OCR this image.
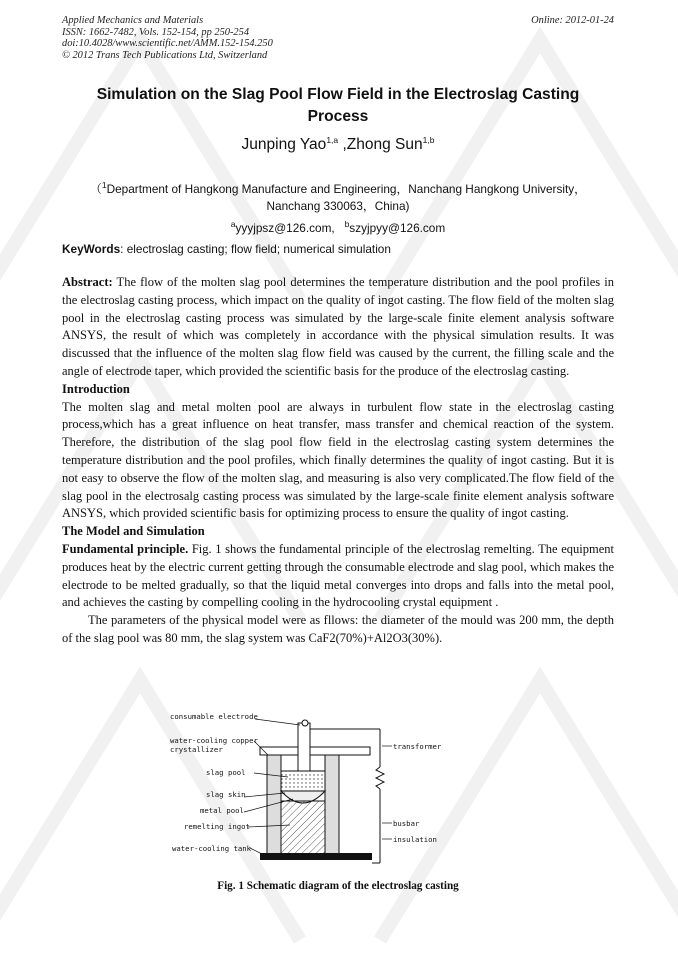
Applied Mechanics and Materials
ISSN: 1662-7482, Vols. 152-154, pp 250-254
doi:10.4028/www.scientific.net/AMM.152-154.250
© 2012 Trans Tech Publications Ltd, Switzerland
Online: 2012-01-24
Simulation on the Slag Pool Flow Field in the Electroslag Casting
Process
Junping Yao$^{1,a}$ ,Zhong Sun$^{1,b}$
（$^1$Department of Hangkong Manufacture and Engineering，Nanchang Hangkong University，
Nanchang 330063，China)
$^a$yyyjpsz@126.com, $^b$szyjpyy@126.com
KeyWords: electroslag casting; flow field; numerical simulation

Abstract: The flow of the molten slag pool determines the temperature distribution and the pool profiles in the electroslag casting process, which impact on the quality of ingot casting. The flow field of the molten slag pool in the electroslag casting process was simulated by the large-scale finite element analysis software ANSYS, the result of which was completely in accordance with the physical simulation results. It was discussed that the influence of the molten slag flow field was caused by the current, the filling scale and the angle of electrode taper, which provided the scientific basis for the produce of the electroslag casting.

Introduction

The molten slag and metal molten pool are always in turbulent flow state in the electroslag casting process,which has a great influence on heat transfer, mass transfer and chemical reaction of the system. Therefore, the distribution of the slag pool flow field in the electroslag casting system determines the temperature distribution and the pool profiles, which finally determines the quality of ingot casting. But it is not easy to observe the flow of the molten slag, and measuring is also very complicated.The flow field of the slag pool in the electrosalg casting process was simulated by the large-scale finite element analysis software ANSYS, which provided scientific basis for optimizing process to ensure the quality of ingot casting.

The Model and Simulation

Fundamental principle. Fig. 1 shows the fundamental principle of the electroslag remelting. The equipment produces heat by the electric current getting through the consumable electrode and slag pool, which makes the electrode to be melted gradually, so that the liquid metal converges into drops and falls into the metal pool, and achieves the casting by compelling cooling in the hydrocooling crystal equipment .

The parameters of the physical model were as fllows: the diameter of the mould was 200 mm, the depth of the slag pool was 80 mm, the slag system was CaF2(70%)+Al2O3(30%).

consumable electrode
water-cooling copper
crystallizer
slag pool
slag skin
metal pool
remelting ingot
water-cooling tank
transformer
busbar
insulation
Fig. 1 Schematic diagram of the electroslag casting
